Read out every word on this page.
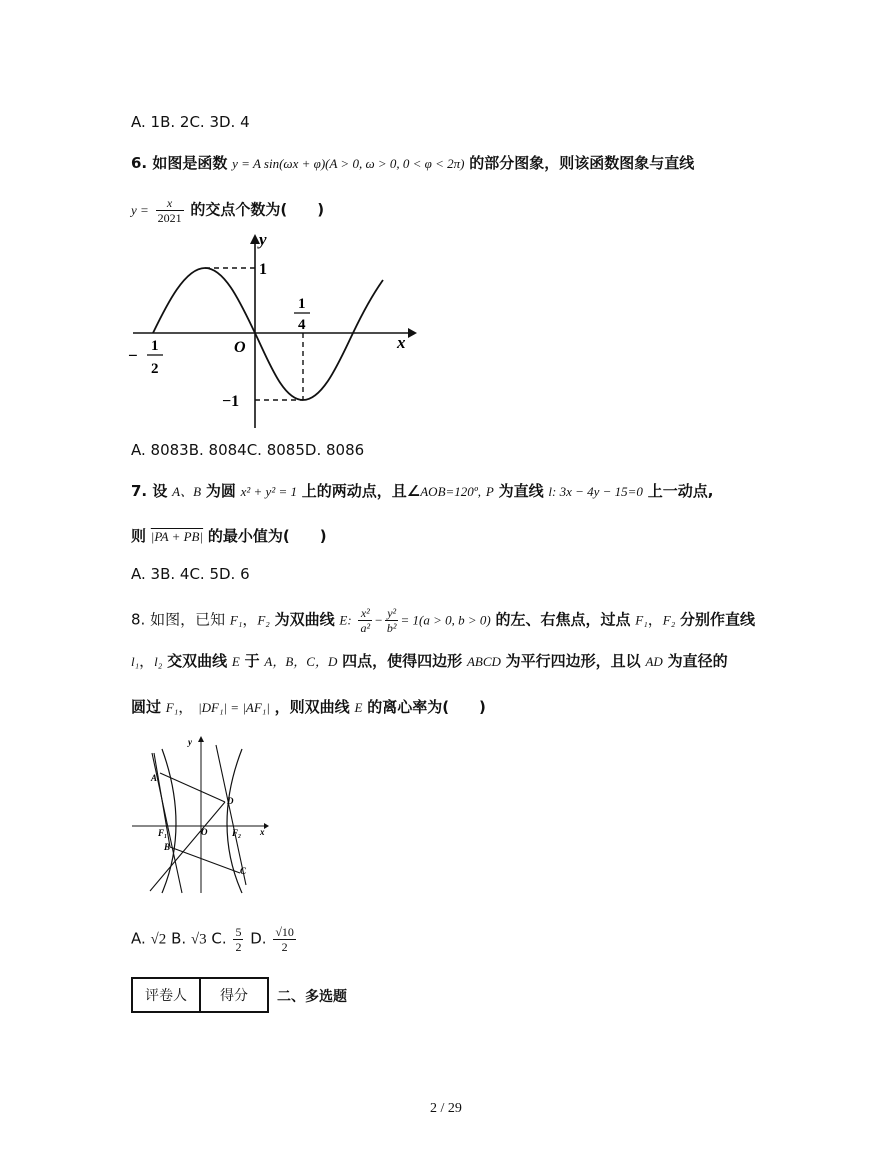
A. 1B. 2C. 3D. 4
6. 如图是函数 y = A sin(ωx + φ)(A > 0, ω > 0, 0 < φ < 2π) 的部分图象，则该函数图象与直线
$y = \frac{x}{2021}$ 的交点个数为(　　)
y
x
O
1
−1
1
4
− 1
2
A. 8083B. 8084C. 8085D. 8086
7. 设 A、B 为圆 x² + y² = 1 上的两动点，且∠AOB=120º, P 为直线 l: 3x − 4y − 15=0 上一动点,
则 |PA + PB| 的最小值为(　　)
A. 3B. 4C. 5D. 6
8. 如图，已知 F₁，F₂ 为双曲线 E: $\frac{\text{x²}}{\text{a²}} - \frac{\text{y²}}{\text{b²}} = 1(a > 0$, b > 0) 的左、右焦点，过点 F₁，F₂ 分别作直线
l₁，l₂ 交双曲线 E 于 A，B，C，D 四点，使得四边形 ABCD 为平行四边形，且以 AD 为直径的
圆过 F₁， |DF₁| = |AF₁| ，则双曲线 E 的离心率为(　　)
y
x
O
A
B
C
D
F₁	F₂
A. √2 B. √3 C. $\frac{5}{2} D$. $\frac{√10}{2}$
评卷人	得分 二、多选题
2 / 29
